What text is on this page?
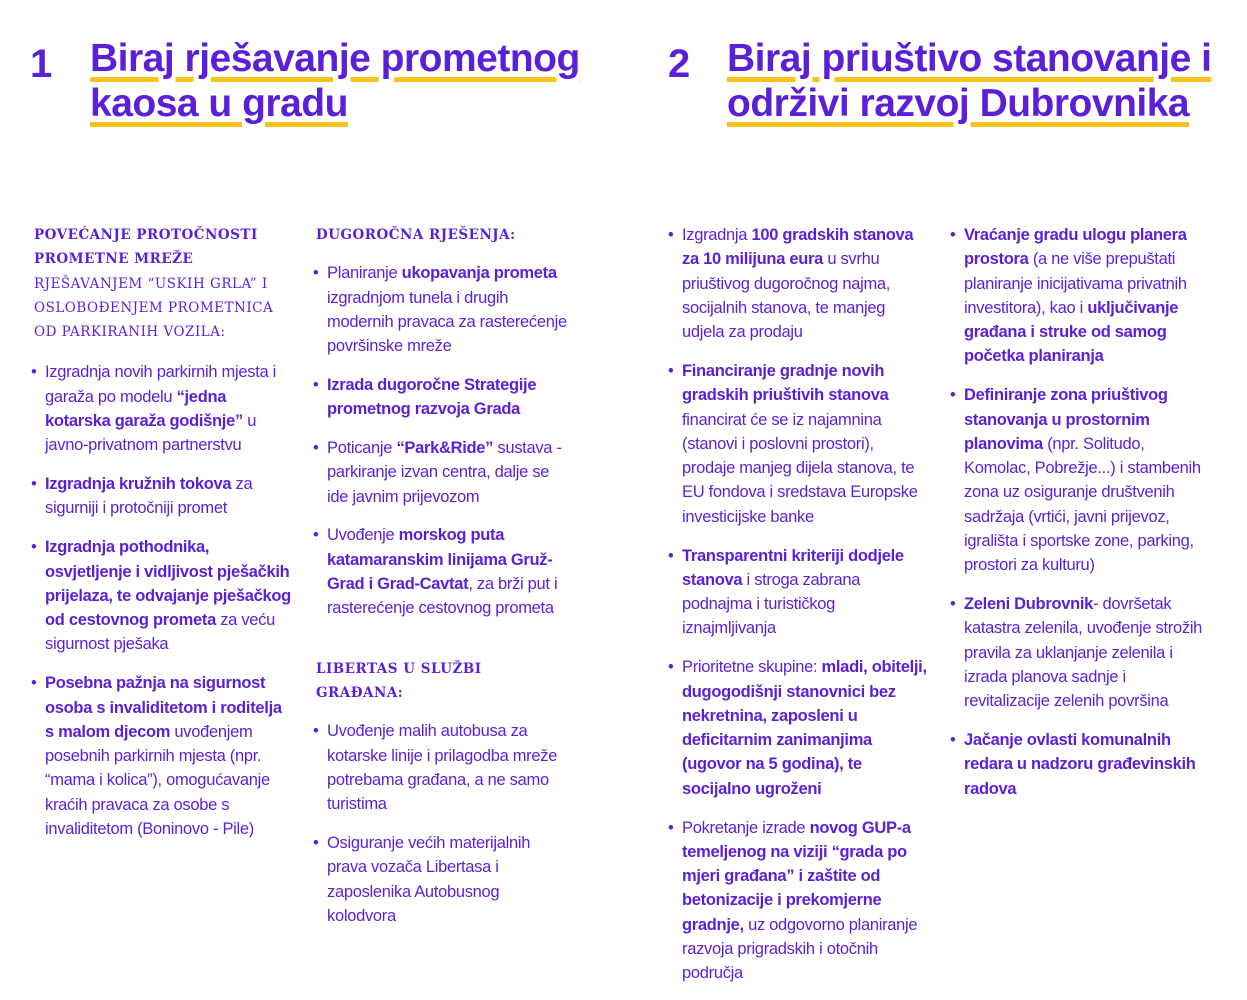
1 Biraj rješavanje prometnog
kaosa u gradu
POVEĆANJE PROTOČNOSTI PROMETNE MREŽE RJEŠAVANJEM “USKIH GRLA” I OSLOBOĐENJEM PROMETNICA OD PARKIRANIH VOZILA:
• Izgradnja novih parkirnih mjesta i garaža po modelu “jedna kotarska garaža godišnje” u javno-privatnom partnerstvu
• Izgradnja kružnih tokova za sigurniji i protočniji promet
• Izgradnja pothodnika, osvjetljenje i vidljivost pješačkih prijelaza, te odvajanje pješačkog od cestovnog prometa za veću sigurnost pješaka
• Posebna pažnja na sigurnost osoba s invaliditetom i roditelja s malom djecom uvođenjem posebnih parkirnih mjesta (npr. “mama i kolica”), omogućavanje kraćih pravaca za osobe s invaliditetom (Boninovo - Pile)
DUGOROČNA RJEŠENJA:
• Planiranje ukopavanja prometa izgradnjom tunela i drugih modernih pravaca za rasterećenje površinske mreže
• Izrada dugoročne Strategije prometnog razvoja Grada
• Poticanje “Park&Ride” sustava - parkiranje izvan centra, dalje se ide javnim prijevozom
• Uvođenje morskog puta katamaranskim linijama Gruž-Grad i Grad-Cavtat, za brži put i rasterećenje cestovnog prometa
LIBERTAS U SLUŽBI GRAĐANA:
• Uvođenje malih autobusa za kotarske linije i prilagodba mreže potrebama građana, a ne samo turistima
• Osiguranje većih materijalnih prava vozača Libertasa i zaposlenika Autobusnog kolodvora
2 Biraj priuštivo stanovanje i
održivi razvoj Dubrovnika
• Izgradnja 100 gradskih stanova za 10 milijuna eura u svrhu priuštivog dugoročnog najma, socijalnih stanova, te manjeg udjela za prodaju
• Financiranje gradnje novih gradskih priuštivih stanova financirat će se iz najamnina (stanovi i poslovni prostori), prodaje manjeg dijela stanova, te EU fondova i sredstava Europske investicijske banke
• Transparentni kriteriji dodjele stanova i stroga zabrana podnajma i turističkog iznajmljivanja
• Prioritetne skupine: mladi, obitelji, dugogodišnji stanovnici bez nekretnina, zaposleni u deficitarnim zanimanjima (ugovor na 5 godina), te socijalno ugroženi
• Pokretanje izrade novog GUP-a temeljenog na viziji “grada po mjeri građana” i zaštite od betonizacije i prekomjerne gradnje, uz odgovorno planiranje razvoja prigradskih i otočnih područja
• Vraćanje gradu ulogu planera prostora (a ne više prepuštati planiranje inicijativama privatnih investitora), kao i uključivanje građana i struke od samog početka planiranja
• Definiranje zona priuštivog stanovanja u prostornim planovima (npr. Solitudo, Komolac, Pobrežje...) i stambenih zona uz osiguranje društvenih sadržaja (vrtići, javni prijevoz, igrališta i sportske zone, parking, prostori za kulturu)
• Zeleni Dubrovnik- dovršetak katastra zelenila, uvođenje strožih pravila za uklanjanje zelenila i izrada planova sadnje i revitalizacije zelenih površina
• Jačanje ovlasti komunalnih redara u nadzoru građevinskih radova
